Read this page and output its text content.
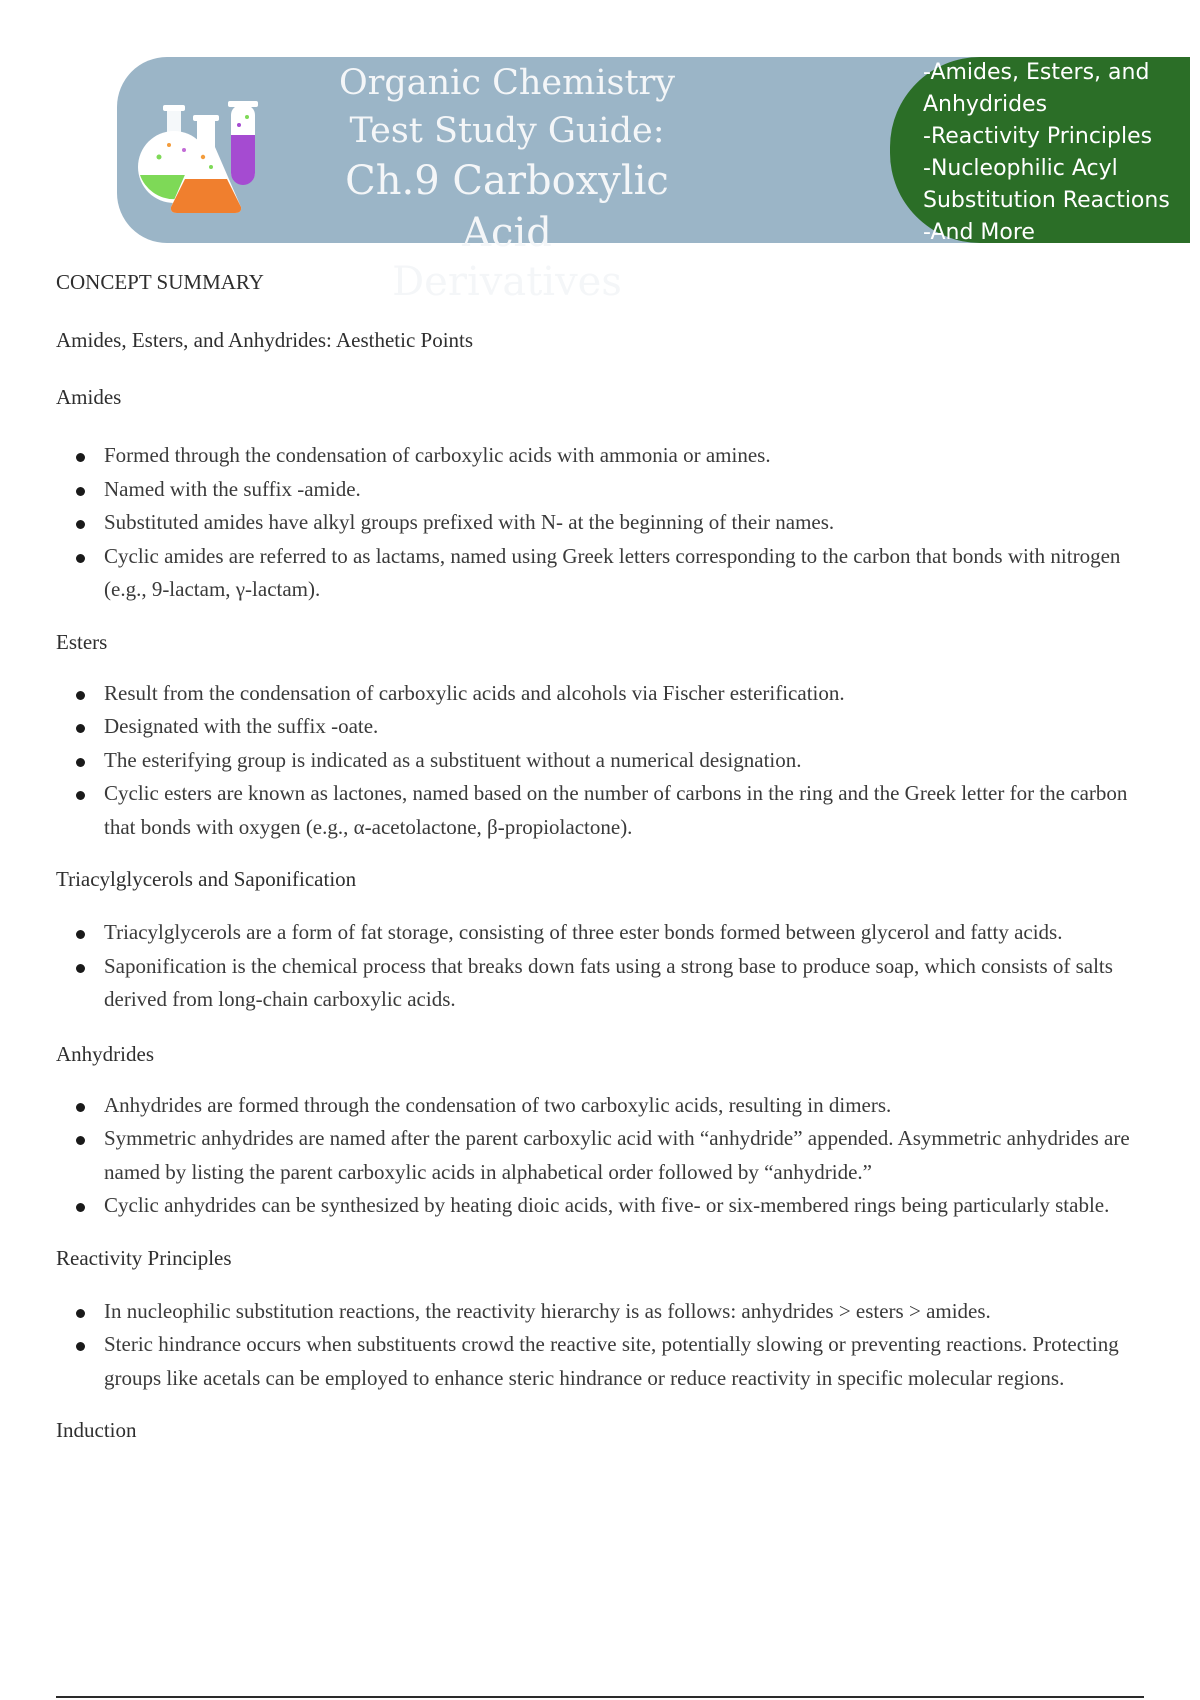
Organic Chemistry
Test Study Guide:
Ch.9 Carboxylic Acid
Derivatives
-Amides, Esters, and
Anhydrides
-Reactivity Principles
-Nucleophilic Acyl
Substitution Reactions
-And More
CONCEPT SUMMARY
Amides, Esters, and Anhydrides: Aesthetic Points
Amides
Formed through the condensation of carboxylic acids with ammonia or amines.
Named with the suffix -amide.
Substituted amides have alkyl groups prefixed with N- at the beginning of their names.
Cyclic amides are referred to as lactams, named using Greek letters corresponding to the carbon that bonds with nitrogen (e.g., 9-lactam, γ-lactam).
Esters
Result from the condensation of carboxylic acids and alcohols via Fischer esterification.
Designated with the suffix -oate.
The esterifying group is indicated as a substituent without a numerical designation.
Cyclic esters are known as lactones, named based on the number of carbons in the ring and the Greek letter for the carbon that bonds with oxygen (e.g., α-acetolactone, β-propiolactone).
Triacylglycerols and Saponification
Triacylglycerols are a form of fat storage, consisting of three ester bonds formed between glycerol and fatty acids.
Saponification is the chemical process that breaks down fats using a strong base to produce soap, which consists of salts derived from long-chain carboxylic acids.
Anhydrides
Anhydrides are formed through the condensation of two carboxylic acids, resulting in dimers.
Symmetric anhydrides are named after the parent carboxylic acid with “anhydride” appended. Asymmetric anhydrides are named by listing the parent carboxylic acids in alphabetical order followed by “anhydride.”
Cyclic anhydrides can be synthesized by heating dioic acids, with five- or six-membered rings being particularly stable.
Reactivity Principles
In nucleophilic substitution reactions, the reactivity hierarchy is as follows: anhydrides > esters > amides.
Steric hindrance occurs when substituents crowd the reactive site, potentially slowing or preventing reactions. Protecting groups like acetals can be employed to enhance steric hindrance or reduce reactivity in specific molecular regions.
Induction
